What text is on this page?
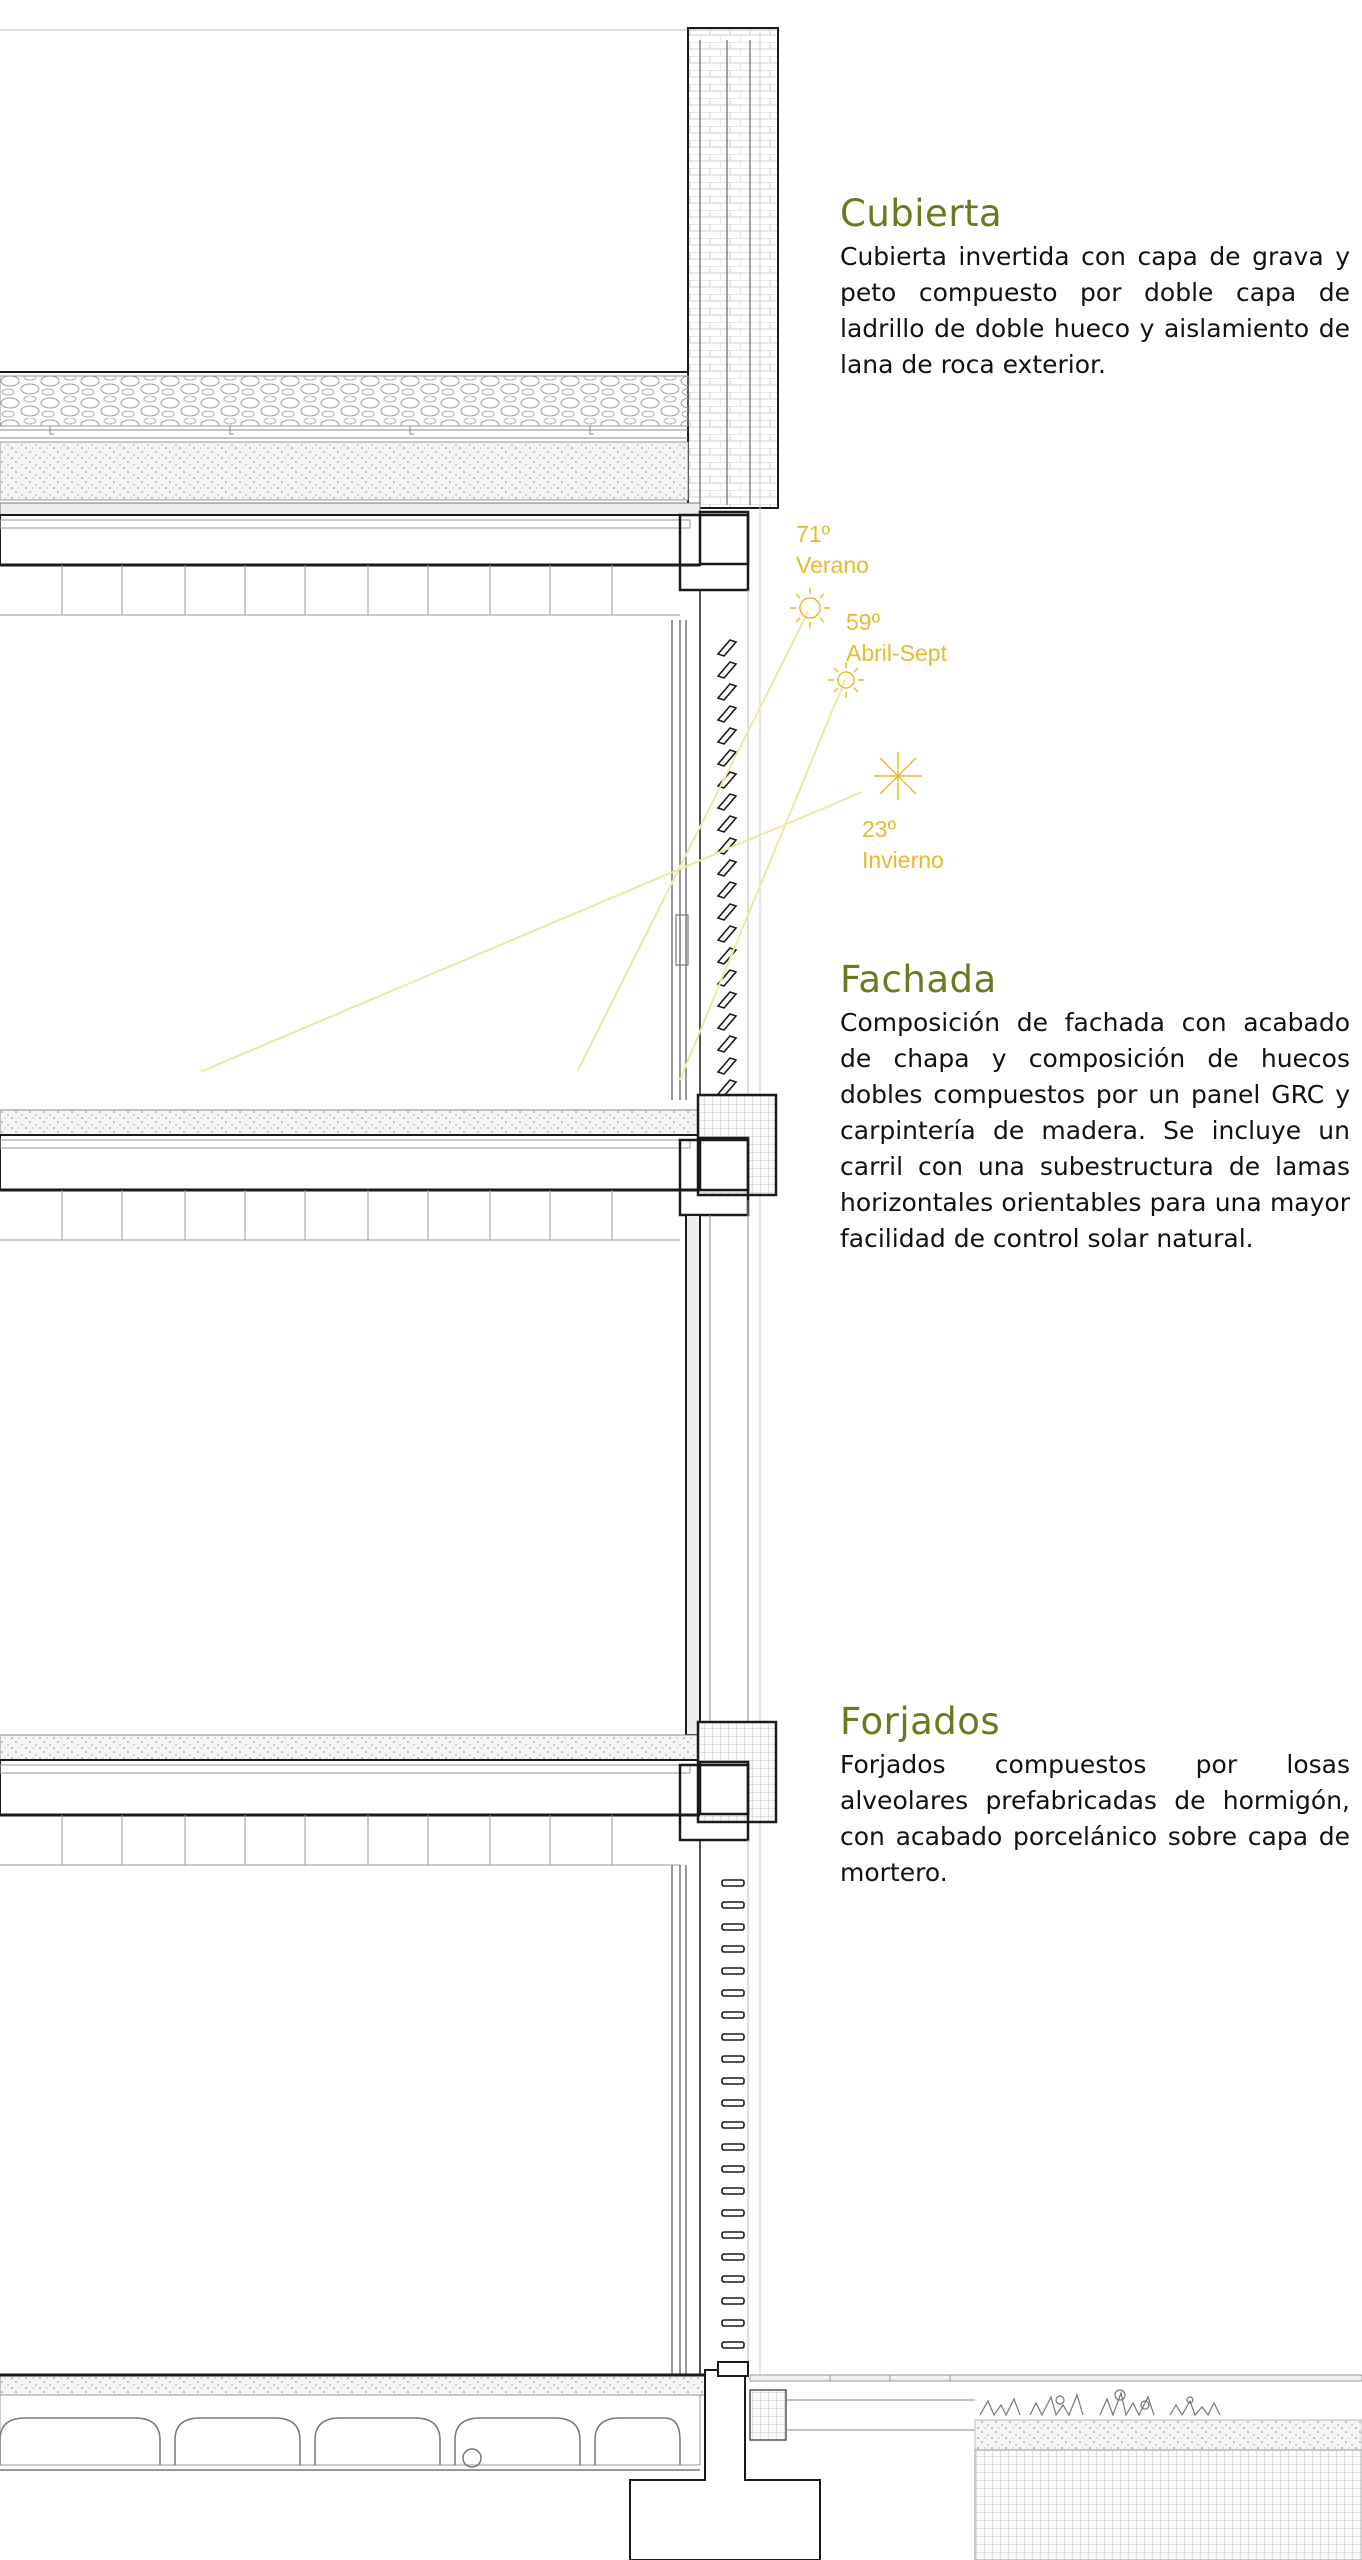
71º
Verano
59º
Abril-Sept
23º
Invierno
Cubierta

Cubierta invertida con capa de grava y peto compuesto por doble capa de ladrillo de doble hueco y aislamiento de lana de roca exterior.

Fachada

Composición de fachada con acabado de chapa y composición de huecos dobles compuestos por un panel GRC y carpintería de madera. Se incluye un carril con una subestructura de lamas horizontales orientables para una mayor facilidad de control solar natural.

Forjados

Forjados compuestos por losas alveolares prefabricadas de hormigón, con acabado porcelánico sobre capa de mortero.
